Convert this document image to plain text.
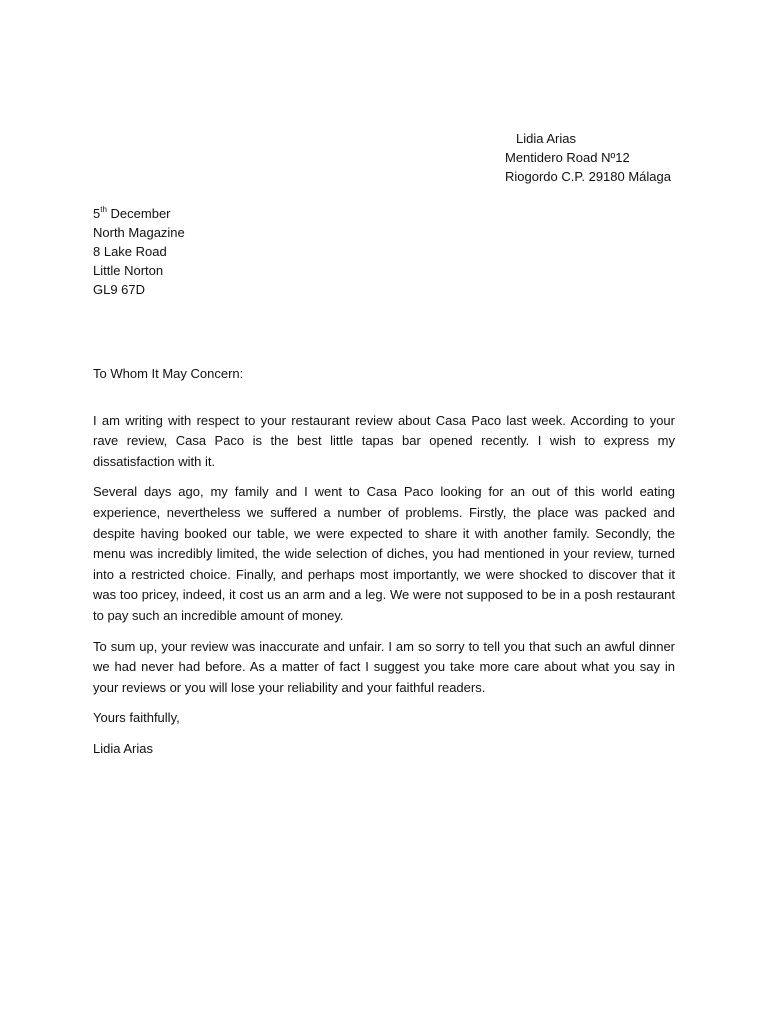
Lidia Arias
Mentidero Road Nº12
Riogordo C.P. 29180 Málaga
5th December
North Magazine
8 Lake Road
Little Norton
GL9 67D

To Whom It May Concern:

I am writing with respect to your restaurant review about Casa Paco last week. According to your rave review, Casa Paco is the best little tapas bar opened recently. I wish to express my dissatisfaction with it.

Several days ago, my family and I went to Casa Paco looking for an out of this world eating experience, nevertheless we suffered a number of problems. Firstly, the place was packed and despite having booked our table, we were expected to share it with another family. Secondly, the menu was incredibly limited, the wide selection of diches, you had mentioned in your review, turned into a restricted choice. Finally, and perhaps most importantly, we were shocked to discover that it was too pricey, indeed, it cost us an arm and a leg. We were not supposed to be in a posh restaurant to pay such an incredible amount of money.

To sum up, your review was inaccurate and unfair. I am so sorry to tell you that such an awful dinner we had never had before. As a matter of fact I suggest you take more care about what you say in your reviews or you will lose your reliability and your faithful readers.

Yours faithfully,

Lidia Arias
